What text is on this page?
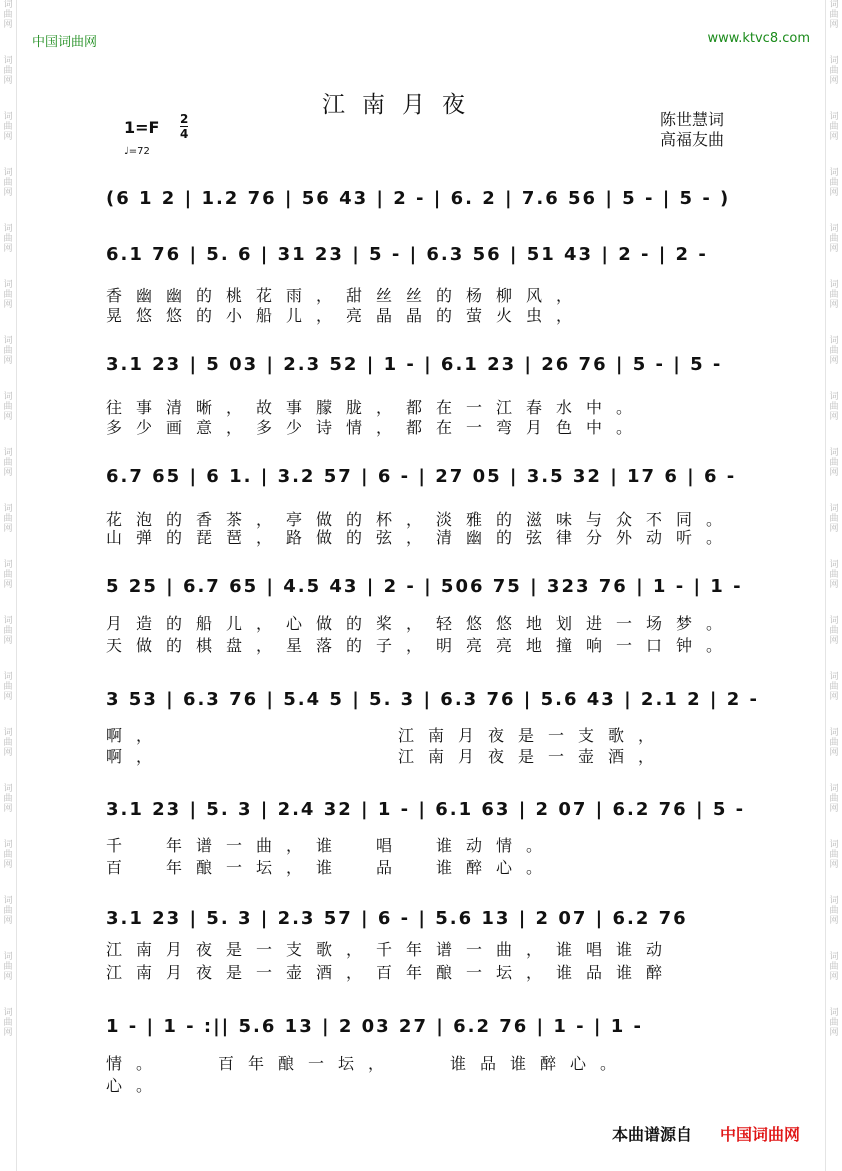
词
曲
网
词
曲
网
词
曲
网
词
曲
网
词
曲
网
词
曲
网
词
曲
网
词
曲
网
词
曲
网
词
曲
网
词
曲
网
词
曲
网
词
曲
网
词
曲
网
词
曲
网
词
曲
网
词
曲
网
词
曲
网
词
曲
网
词
曲
网
词
曲
网
词
曲
网
词
曲
网
词
曲
网
词
曲
网
词
曲
网
词
曲
网
词
曲
网
词
曲
网
词
曲
网
词
曲
网
词
曲
网
词
曲
网
词
曲
网
词
曲
网
词
曲
网
词
曲
网
词
曲
网
中国词曲网	www.ktvc8.com
江南月夜
1=F 2
4
♩=72
陈世慧词
高福友曲
(6 1 2 | 1.2 76 | 56 43 | 2 - | 6. 2 | 7.6 56 | 5 - | 5 - )
6.1 76 | 5. 6 | 31 23 | 5 - | 6.3 56 | 51 43 | 2 - | 2 -
香幽幽的桃花雨，甜丝丝的杨柳风，
晃悠悠的小船儿，亮晶晶的萤火虫，
3.1 23 | 5 03 | 2.3 52 | 1 - | 6.1 23 | 26 76 | 5 - | 5 -
往事清晰，故事朦胧，都在一江春水中。
多少画意，多少诗情，都在一弯月色中。
6.7 65 | 6 1. | 3.2 57 | 6 - | 27 05 | 3.5 32 | 17 6 | 6 -
花泡的香茶，亭做的杯，淡雅的滋味与众不同。
山弹的琵琶，路做的弦，清幽的弦律分外动听。
5 25 | 6.7 65 | 4.5 43 | 2 - | 506 75 | 323 76 | 1 - | 1 -
月造的船儿，心做的桨，轻悠悠地划进一场梦。
天做的棋盘，星落的子，明亮亮地撞响一口钟。
3 53 | 6.3 76 | 5.4 5 | 5. 3 | 6.3 76 | 5.6 43 | 2.1 2 | 2 -
啊，　　　　　　　　江南月夜是一支歌，
啊，　　　　　　　　江南月夜是一壶酒，
3.1 23 | 5. 3 | 2.4 32 | 1 - | 6.1 63 | 2 07 | 6.2 76 | 5 -
千　年谱一曲，谁　唱　谁动情。
百　年酿一坛，谁　品　谁醉心。
3.1 23 | 5. 3 | 2.3 57 | 6 - | 5.6 13 | 2 07 | 6.2 76
江南月夜是一支歌，千年谱一曲，谁唱谁动
江南月夜是一壶酒，百年酿一坛，谁品谁醉
1 - | 1 - :|| 5.6 13 | 2 03 27 | 6.2 76 | 1 - | 1 -
情。　　百年酿一坛，　　谁品谁醉心。
心。
本曲谱源自 中国词曲网
